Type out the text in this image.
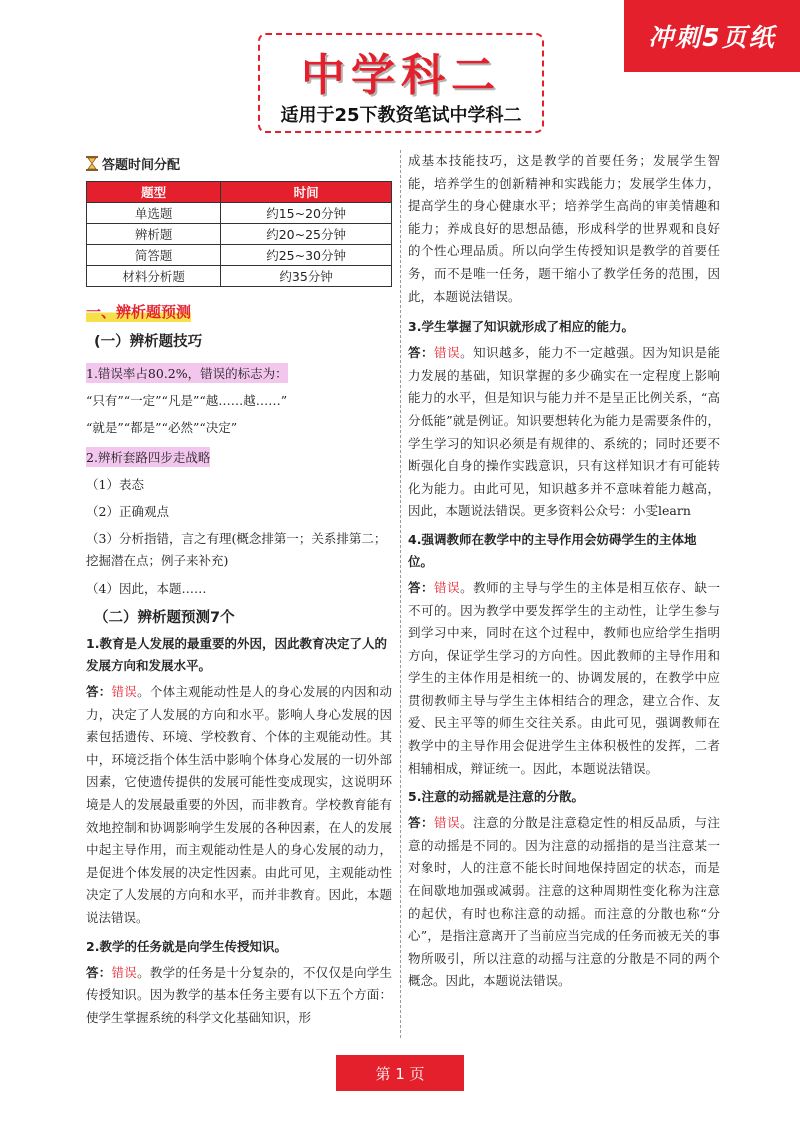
冲刺5页纸
中学科二
适用于25下教资笔试中学科二
答题时间分配
题型	时间
单选题	约15~20分钟
辨析题	约20~25分钟
简答题	约25~30分钟
材料分析题	约35分钟
一、辨析题预测
(一）辨析题技巧
1.错误率占80.2%，错误的标志为：
“只有”“一定”“凡是”“越……越……”
“就是”“都是”“必然”“决定”
2.辨析套路四步走战略
（1）表态
（2）正确观点
（3）分析指错，言之有理(概念排第一；关系排第二；挖掘潜在点；例子来补充)
（4）因此，本题……
（二）辨析题预测7个
1.教育是人发展的最重要的外因，因此教育决定了人的发展方向和发展水平。
答：错误。个体主观能动性是人的身心发展的内因和动力，决定了人发展的方向和水平。影响人身心发展的因素包括遗传、环境、学校教育、个体的主观能动性。其中，环境泛指个体生活中影响个体身心发展的一切外部因素，它使遗传提供的发展可能性变成现实，这说明环境是人的发展最重要的外因，而非教育。学校教育能有效地控制和协调影响学生发展的各种因素，在人的发展中起主导作用，而主观能动性是人的身心发展的动力，是促进个体发展的决定性因素。由此可见，主观能动性决定了人发展的方向和水平，而并非教育。因此，本题说法错误。
2.教学的任务就是向学生传授知识。
答：错误。教学的任务是十分复杂的，不仅仅是向学生传授知识。因为教学的基本任务主要有以下五个方面：使学生掌握系统的科学文化基础知识，形
成基本技能技巧，这是教学的首要任务；发展学生智能，培养学生的创新精神和实践能力；发展学生体力，提高学生的身心健康水平；培养学生高尚的审美情趣和能力；养成良好的思想品德，形成科学的世界观和良好的个性心理品质。所以向学生传授知识是教学的首要任务，而不是唯一任务，题干缩小了教学任务的范围，因此，本题说法错误。
3.学生掌握了知识就形成了相应的能力。
答：错误。知识越多，能力不一定越强。因为知识是能力发展的基础，知识掌握的多少确实在一定程度上影响能力的水平，但是知识与能力并不是呈正比例关系，“高分低能”就是例证。知识要想转化为能力是需要条件的，学生学习的知识必须是有规律的、系统的；同时还要不断强化自身的操作实践意识，只有这样知识才有可能转化为能力。由此可见，知识越多并不意味着能力越高，因此，本题说法错误。更多资料公众号：小雯learn
4.强调教师在教学中的主导作用会妨碍学生的主体地位。
答：错误。教师的主导与学生的主体是相互依存、缺一不可的。因为教学中要发挥学生的主动性，让学生参与到学习中来，同时在这个过程中，教师也应给学生指明方向，保证学生学习的方向性。因此教师的主导作用和学生的主体作用是相统一的、协调发展的，在教学中应贯彻教师主导与学生主体相结合的理念，建立合作、友爱、民主平等的师生交往关系。由此可见，强调教师在教学中的主导作用会促进学生主体积极性的发挥，二者相辅相成，辩证统一。因此，本题说法错误。
5.注意的动摇就是注意的分散。
答：错误。注意的分散是注意稳定性的相反品质，与注意的动摇是不同的。因为注意的动摇指的是当注意某一对象时，人的注意不能长时间地保持固定的状态，而是在间歇地加强或减弱。注意的这种周期性变化称为注意的起伏，有时也称注意的动摇。而注意的分散也称“分心”，是指注意离开了当前应当完成的任务而被无关的事物所吸引，所以注意的动摇与注意的分散是不同的两个概念。因此，本题说法错误。
第 1 页
